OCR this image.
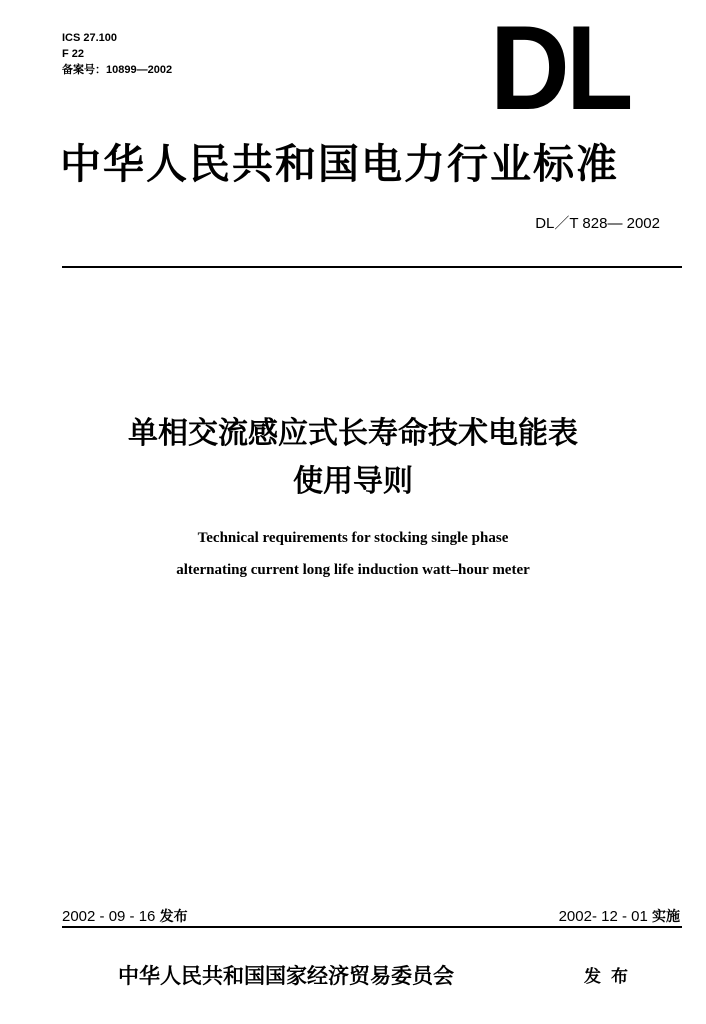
ICS 27.100
F 22
备案号：10899—2002	DL
中华人民共和国电力行业标准
DL／T 828— 2002
单相交流感应式长寿命技术电能表
使用导则
Technical requirements for stocking single phase
alternating current long life induction watt–hour meter
2002 - 09 - 16 发布	2002- 12 - 01 实施
中华人民共和国国家经济贸易委员会	发布
